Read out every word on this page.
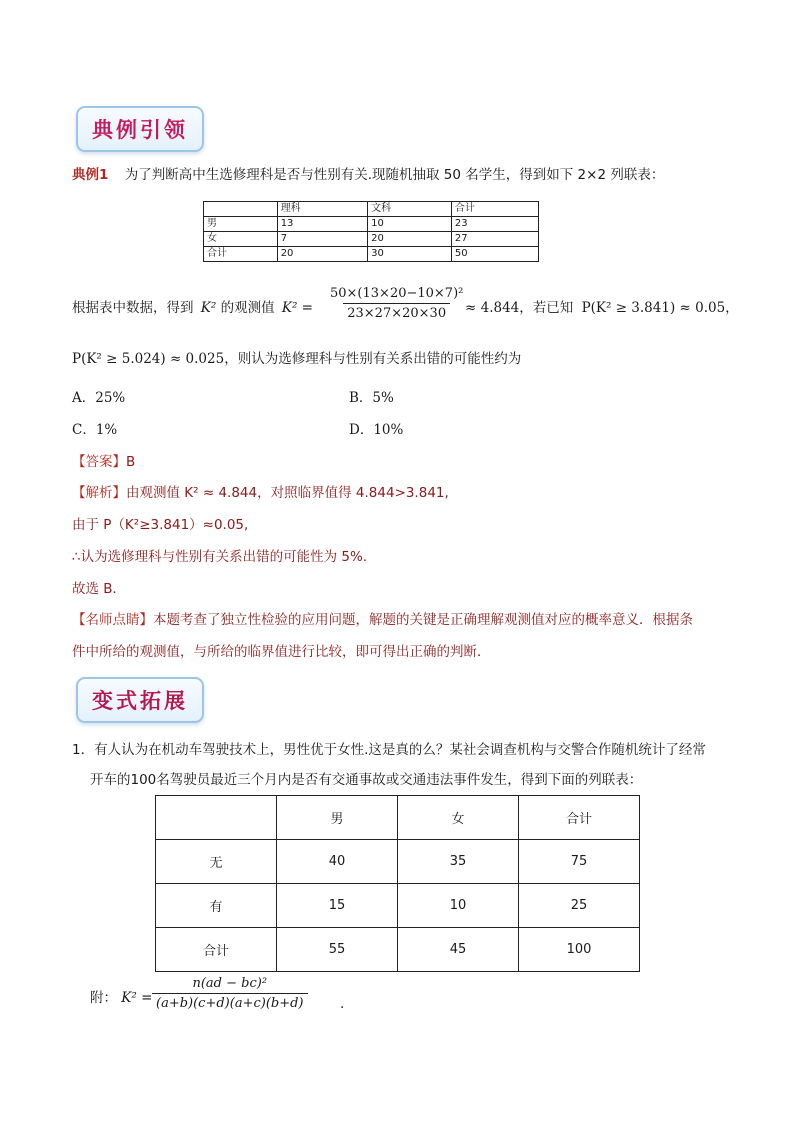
典例引领
典例1 为了判断高中生选修理科是否与性别有关.现随机抽取 50 名学生，得到如下 2×2 列联表：
	理科	文科	合计
男	13	10	23
女	7	20	27
合计	20	30	50
根据表中数据，得到 K² 的观测值 $K^2 = \frac{\text{50×(13×20−10×7)²}}{23\times 27\times 20\times 30}$
≈ 4.844，若已知 P(K² ≥ 3.841) ≈ 0.05，
P(K² ≥ 5.024) ≈ 0.025，则认为选修理科与性别有关系出错的可能性约为
A．25%	B．5%
C．1%	D．10%
【答案】B
【解析】由观测值 K² ≈ 4.844，对照临界值得 4.844>3.841,
由于 P（K²≥3.841）≈0.05,
∴认为选修理科与性别有关系出错的可能性为 5%.
故选 B．
【名师点睛】本题考查了独立性检验的应用问题，解题的关键是正确理解观测值对应的概率意义．根据条
件中所给的观测值，与所给的临界值进行比较，即可得出正确的判断．
变式拓展
1．有人认为在机动车驾驶技术上，男性优于女性.这是真的么？某社会调查机构与交警合作随机统计了经常
开车的100名驾驶员最近三个月内是否有交通事故或交通违法事件发生，得到下面的列联表：
	男	女	合计
无	40	35	75
有	15	10	25
合计	55	45	100
附： $K^2 = \frac{\text{n(ad − bc)²}}{(a+b)(c+d)(a+c)(b+d)}$ .
